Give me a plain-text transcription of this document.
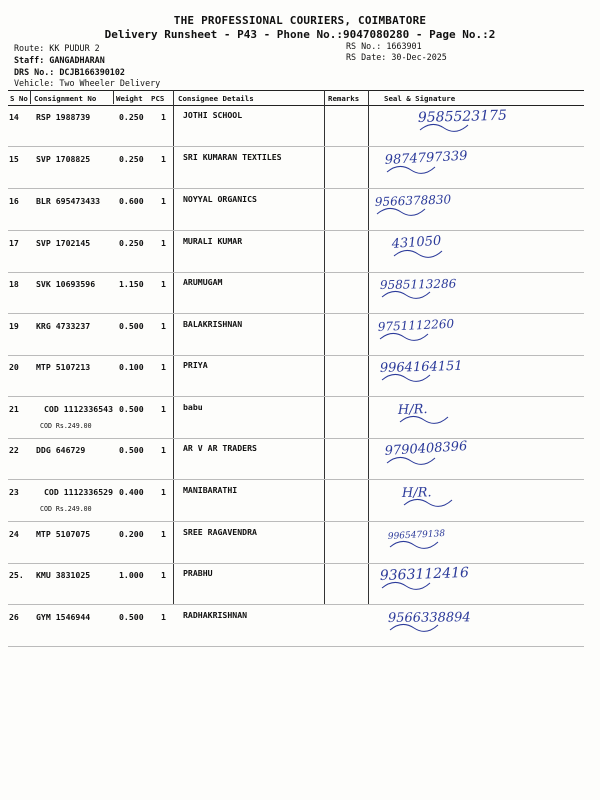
THE PROFESSIONAL COURIERS, COIMBATORE
Delivery Runsheet - P43 - Phone No.:9047080280 - Page No.:2
Route: KK PUDUR 2
Staff: GANGADHARAN
DRS No.: DCJB166390102
Vehicle: Two Wheeler Delivery
RS No.: 1663901
RS Date: 30-Dec-2025
S No Consignment No	Weight PCS Consignee Details	Remarks	Seal & Signature
14 RSP 1988739	0.250 1 JOTHI SCHOOL	9585523175
15 SVP 1708825	0.250 1 SRI KUMARAN TEXTILES	9874797339
16 BLR 695473433 0.600 1 NOYYAL ORGANICS	9566378830
17 SVP 1702145	0.250 1 MURALI KUMAR	431050
18 SVK 10693596	1.150 1 ARUMUGAM	9585113286
19 KRG 4733237	0.500 1 BALAKRISHNAN	9751112260
20 MTP 5107213	0.100 1 PRIYA	9964164151
21	COD 1112336543 0.500 1 babu
COD Rs.249.00
H/R.
22 DDG 646729	0.500 1 AR V AR TRADERS	9790408396
23	COD 1112336529 0.400 1 MANIBARATHI
COD Rs.249.00
H/R.
24 MTP 5107075	0.200 1 SREE RAGAVENDRA	9965479138
25. KMU 3831025	1.000 1 PRABHU	9363112416
26 GYM 1546944	0.500 1 RADHAKRISHNAN	9566338894
